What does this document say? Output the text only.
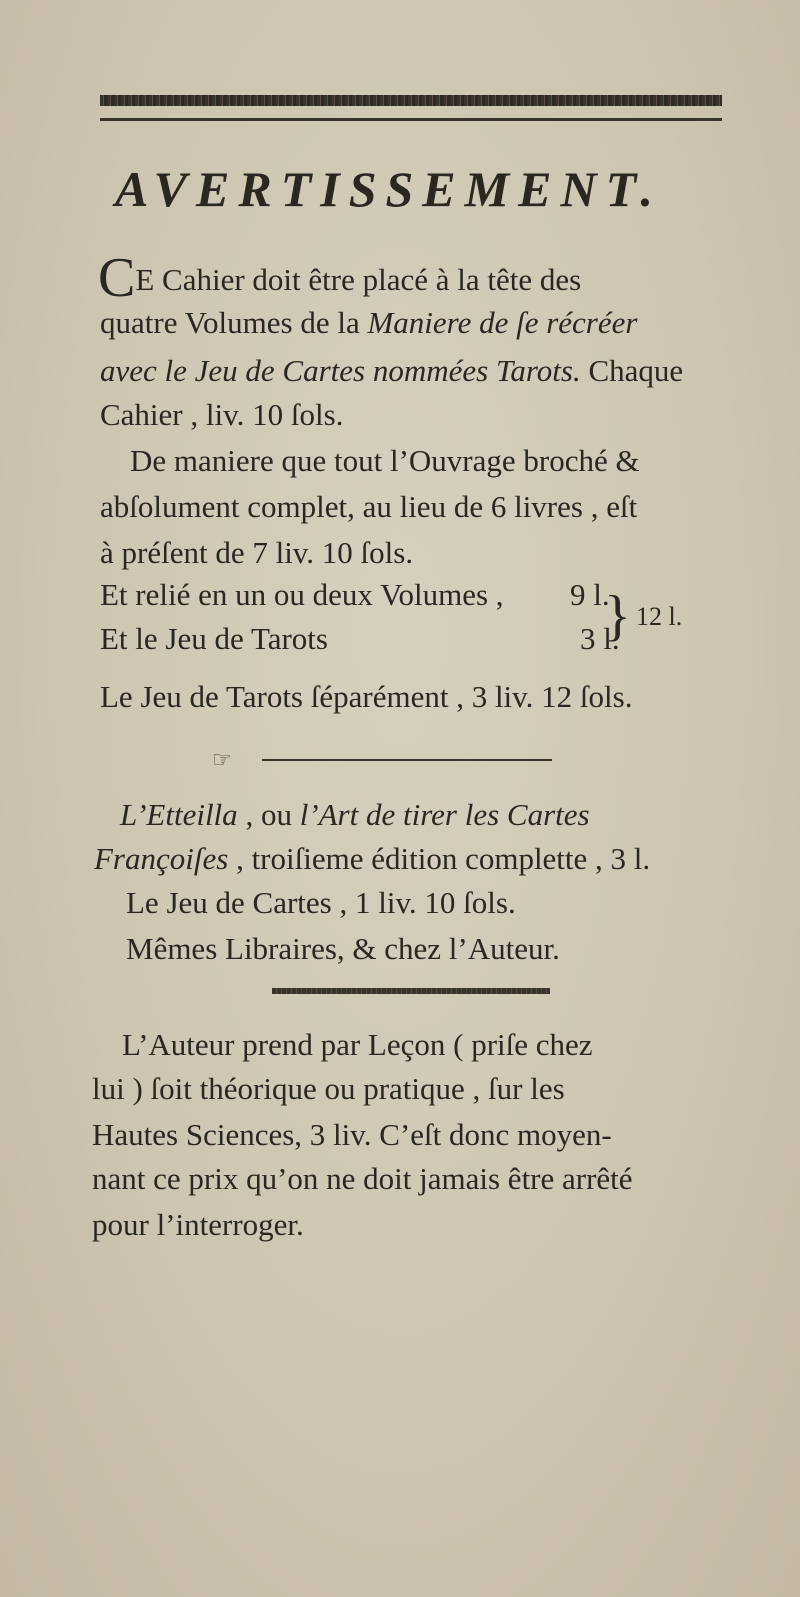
AVERTISSEMENT.
CE Cahier doit être placé à la tête des
quatre Volumes de la Maniere de ſe récréer
avec le Jeu de Cartes nommées Tarots. Chaque
Cahier , liv. 10 ſols.
De maniere que tout l’Ouvrage broché &
abſolument complet, au lieu de 6 livres , eſt
à préſent de 7 liv. 10 ſols.
Et relié en un ou deux Volumes , 9 l.
Et le Jeu de Tarots	3 l.
} 12 l.
Le Jeu de Tarots ſéparément , 3 liv. 12 ſols.
☞
L’Etteilla , ou l’Art de tirer les Cartes
Françoiſes , troiſieme édition complette , 3 l.
Le Jeu de Cartes , 1 liv. 10 ſols.
Mêmes Libraires, & chez l’Auteur.
L’Auteur prend par Leçon ( priſe chez
lui ) ſoit théorique ou pratique , ſur les
Hautes Sciences, 3 liv. C’eſt donc moyen-
nant ce prix qu’on ne doit jamais être arrêté
pour l’interroger.
